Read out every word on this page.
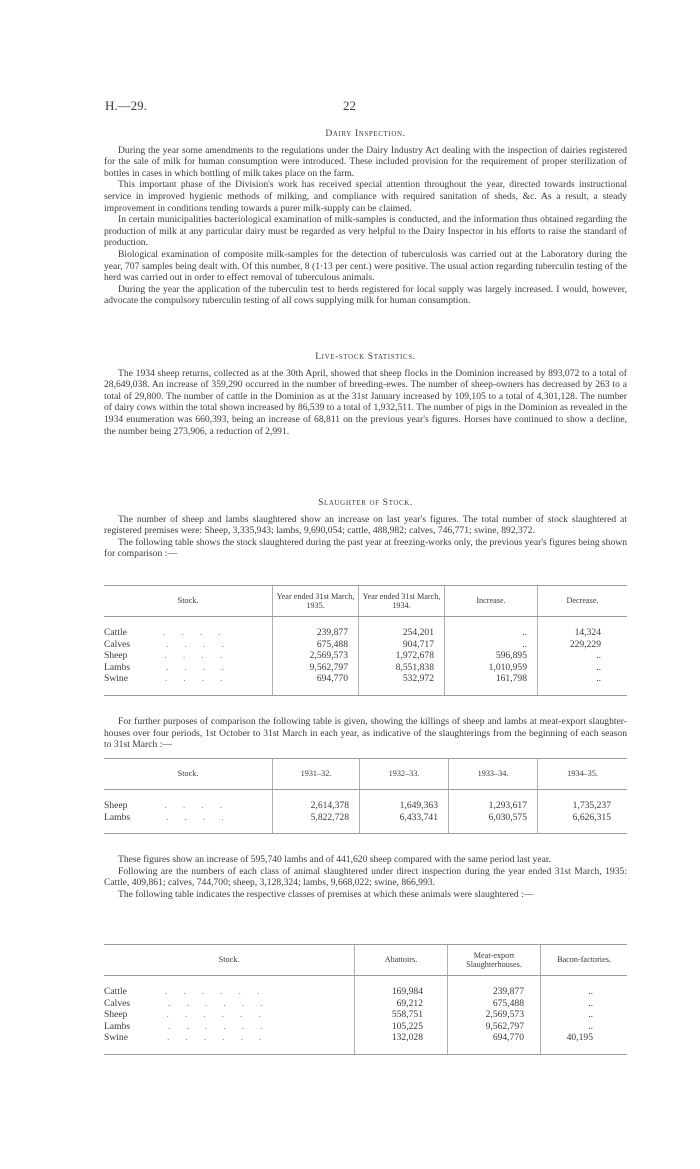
H.—29.	22

Dairy Inspection.

During the year some amendments to the regulations under the Dairy Industry Act dealing with the inspection of dairies registered for the sale of milk for human consumption were introduced. These included provision for the requirement of proper sterilization of bottles in cases in which bottling of milk takes place on the farm.

This important phase of the Division's work has received special attention throughout the year, directed towards instructional service in improved hygienic methods of milking, and compliance with required sanitation of sheds, &c. As a result, a steady improvement in conditions tending towards a purer milk-supply can be claimed.

In certain municipalities bacteriological examination of milk-samples is conducted, and the information thus obtained regarding the production of milk at any particular dairy must be regarded as very helpful to the Dairy Inspector in his efforts to raise the standard of production.

Biological examination of composite milk-samples for the detection of tuberculosis was carried out at the Laboratory during the year, 707 samples being dealt with. Of this number, 8 (1·13 per cent.) were positive. The usual action regarding tuberculin testing of the herd was carried out in order to effect removal of tuberculous animals.

During the year the application of the tuberculin test to herds registered for local supply was largely increased. I would, however, advocate the compulsory tuberculin testing of all cows supplying milk for human consumption.

Live-stock Statistics.

The 1934 sheep returns, collected as at the 30th April, showed that sheep flocks in the Dominion increased by 893,072 to a total of 28,649,038. An increase of 359,290 occurred in the number of breeding-ewes. The number of sheep-owners has decreased by 263 to a total of 29,800. The number of cattle in the Dominion as at the 31st January increased by 109,105 to a total of 4,301,128. The number of dairy cows within the total shown increased by 86,539 to a total of 1,932,511. The number of pigs in the Dominion as revealed in the 1934 enumeration was 660,393, being an increase of 68,811 on the previous year's figures. Horses have continued to show a decline, the number being 273,906, a reduction of 2,991.

Slaughter of Stock.

The number of sheep and lambs slaughtered show an increase on last year's figures. The total number of stock slaughtered at registered premises were: Sheep, 3,335,943; lambs, 9,690,054; cattle, 488,982; calves, 746,771; swine, 892,372.

The following table shows the stock slaughtered during the past year at freezing-works only, the previous year's figures being shown for comparison :—

Stock.	Year ended 31st March, 1935.	Year ended 31st March, 1934.	Increase.	Decrease.

Cattle ....	239,877	254,201	..	14,324
Calves ....	675,488	904,717	..	229,229
Sheep ....	2,569,573	1,972,678	596,895	..
Lambs ....	9,562,797	8,551,838	1,010,959	..
Swine ....	694,770	532,972	161,798	..

For further purposes of comparison the following table is given, showing the killings of sheep and lambs at meat-export slaughter-houses over four periods, 1st October to 31st March in each year, as indicative of the slaughterings from the beginning of each season to 31st March :—

Stock.	1931–32.	1932–33.	1933–34.	1934–35.

Sheep ....	2,614,378	1,649,363	1,293,617	1,735,237
Lambs ....	5,822,728	6,433,741	6,030,575	6,626,315

These figures show an increase of 595,740 lambs and of 441,620 sheep compared with the same period last year.

Following are the numbers of each class of animal slaughtered under direct inspection during the year ended 31st March, 1935: Cattle, 409,861; calves, 744,700; sheep, 3,128,324; lambs, 9,668,022; swine, 866,993.

The following table indicates the respective classes of premises at which these animals were slaughtered :—

Stock.	Abattoirs.	Meat-export Slaughterhouses.	Bacon-factories.

Cattle ......	169,984	239,877	..
Calves ......	69,212	675,488	..
Sheep ......	558,751	2,569,573	..
Lambs ......	105,225	9,562,797	..
Swine ......	132,028	694,770	40,195
